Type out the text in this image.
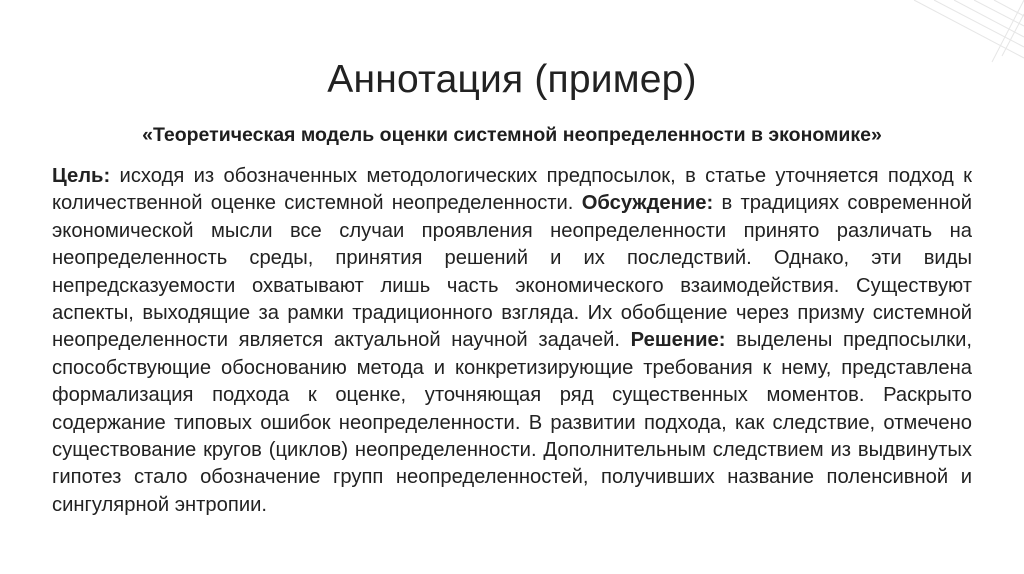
Аннотация (пример)
«Теоретическая модель оценки системной неопределенности в экономике»

Цель: исходя из обозначенных методологических предпосылок, в статье уточняется подход к количественной оценке системной неопределенности. Обсуждение: в традициях современной экономической мысли все случаи проявления неопределенности принято различать на неопределенность среды, принятия решений и их последствий. Однако, эти виды непредсказуемости охватывают лишь часть экономического взаимодействия. Существуют аспекты, выходящие за рамки традиционного взгляда. Их обобщение через призму системной неопределенности является актуальной научной задачей. Решение: выделены предпосылки, способствующие обоснованию метода и конкретизирующие требования к нему, представлена формализация подхода к оценке, уточняющая ряд существенных моментов. Раскрыто содержание типовых ошибок неопределенности. В развитии подхода, как следствие, отмечено существование кругов (циклов) неопределенности. Дополнительным следствием из выдвинутых гипотез стало обозначение групп неопределенностей, получивших название поленсивной и сингулярной энтропии.
